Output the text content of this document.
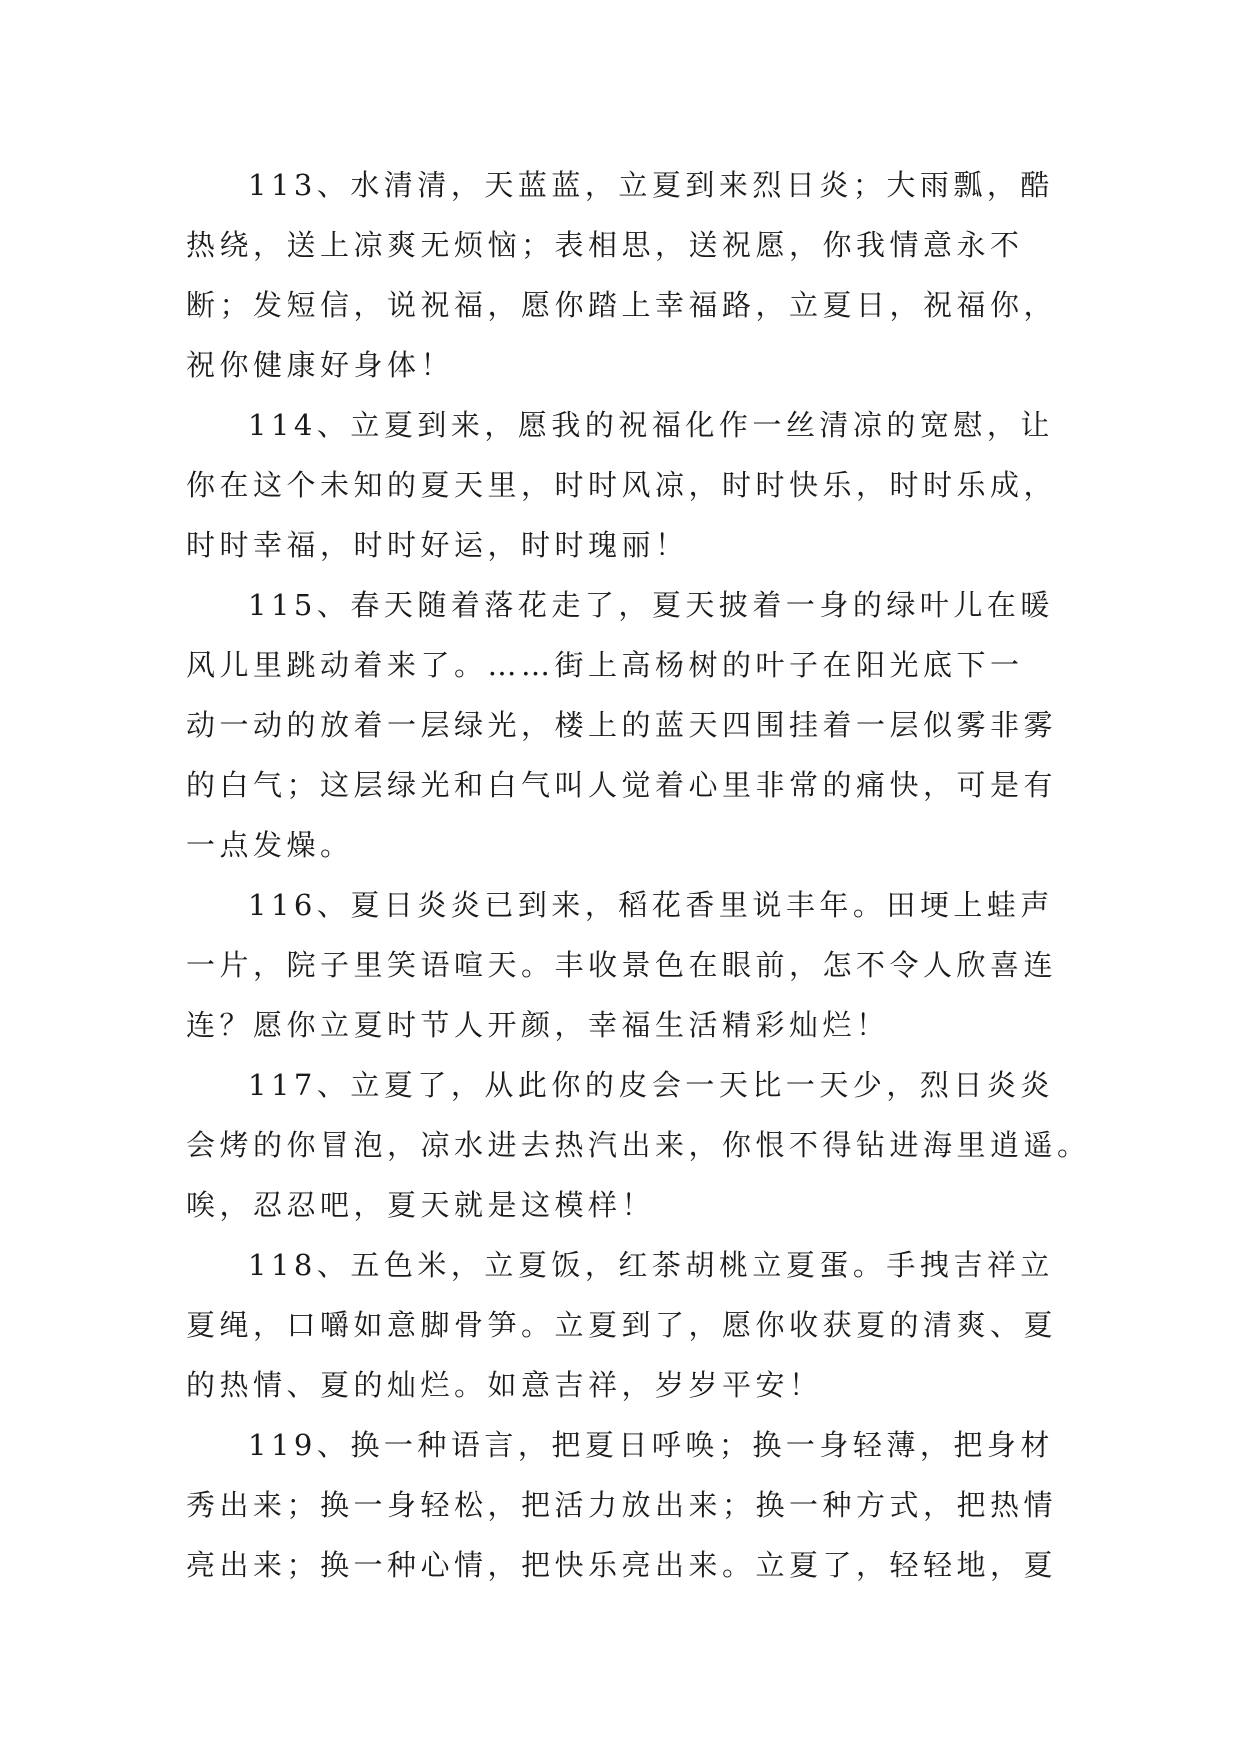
113、水清清，天蓝蓝，立夏到来烈日炎；大雨瓢，酷
热绕，送上凉爽无烦恼；表相思，送祝愿，你我情意永不
断；发短信，说祝福，愿你踏上幸福路，立夏日，祝福你，
祝你健康好身体！
114、立夏到来，愿我的祝福化作一丝清凉的宽慰，让
你在这个未知的夏天里，时时风凉，时时快乐，时时乐成，
时时幸福，时时好运，时时瑰丽！
115、春天随着落花走了，夏天披着一身的绿叶儿在暖
风儿里跳动着来了。……街上高杨树的叶子在阳光底下一
动一动的放着一层绿光，楼上的蓝天四围挂着一层似雾非雾
的白气；这层绿光和白气叫人觉着心里非常的痛快，可是有
一点发燥。
116、夏日炎炎已到来，稻花香里说丰年。田埂上蛙声
一片，院子里笑语喧天。丰收景色在眼前，怎不令人欣喜连
连？愿你立夏时节人开颜，幸福生活精彩灿烂！
117、立夏了，从此你的皮会一天比一天少，烈日炎炎
会烤的你冒泡，凉水进去热汽出来，你恨不得钻进海里逍遥。
唉，忍忍吧，夏天就是这模样！
118、五色米，立夏饭，红茶胡桃立夏蛋。手拽吉祥立
夏绳，口嚼如意脚骨笋。立夏到了，愿你收获夏的清爽、夏
的热情、夏的灿烂。如意吉祥，岁岁平安！
119、换一种语言，把夏日呼唤；换一身轻薄，把身材
秀出来；换一身轻松，把活力放出来；换一种方式，把热情
亮出来；换一种心情，把快乐亮出来。立夏了，轻轻地，夏
